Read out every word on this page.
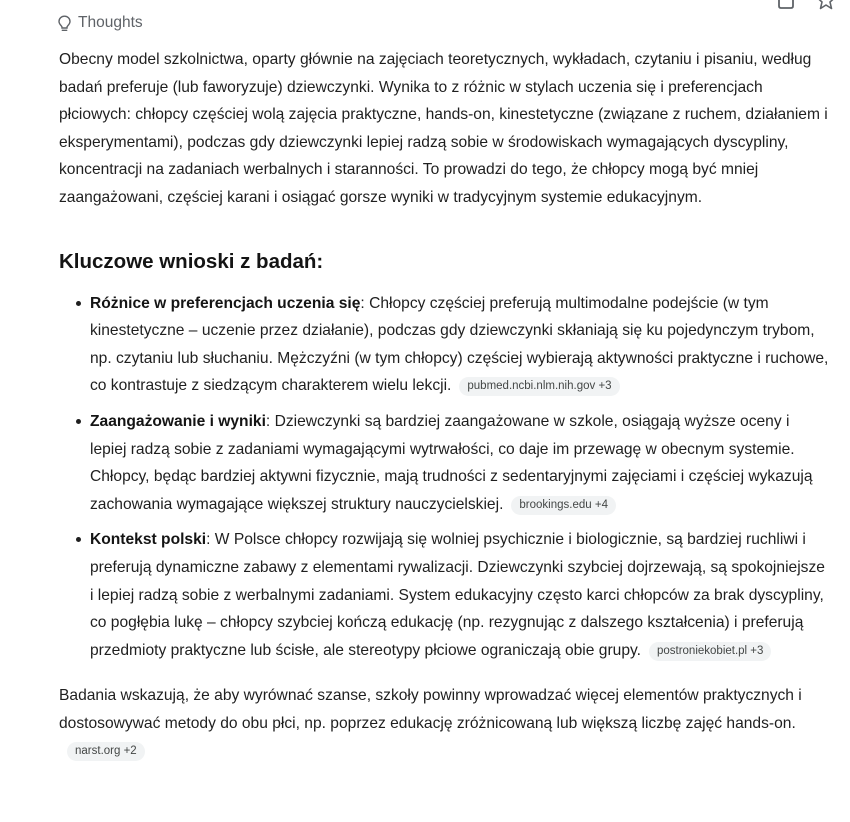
Thoughts

Obecny model szkolnictwa, oparty głównie na zajęciach teoretycznych, wykładach, czytaniu i pisaniu, według badań preferuje (lub faworyzuje) dziewczynki. Wynika to z różnic w stylach uczenia się i preferencjach płciowych: chłopcy częściej wolą zajęcia praktyczne, hands-on, kinestetyczne (związane z ruchem, działaniem i eksperymentami), podczas gdy dziewczynki lepiej radzą sobie w środowiskach wymagających dyscypliny, koncentracji na zadaniach werbalnych i staranności. To prowadzi do tego, że chłopcy mogą być mniej zaangażowani, częściej karani i osiągać gorsze wyniki w tradycyjnym systemie edukacyjnym.

Kluczowe wnioski z badań:
Różnice w preferencjach uczenia się: Chłopcy częściej preferują multimodalne podejście (w tym kinestetyczne – uczenie przez działanie), podczas gdy dziewczynki skłaniają się ku pojedynczym trybom, np. czytaniu lub słuchaniu. Mężczyźni (w tym chłopcy) częściej wybierają aktywności praktyczne i ruchowe, co kontrastuje z siedzącym charakterem wielu lekcji. pubmed.ncbi.nlm.nih.gov +3
Zaangażowanie i wyniki: Dziewczynki są bardziej zaangażowane w szkole, osiągają wyższe oceny i lepiej radzą sobie z zadaniami wymagającymi wytrwałości, co daje im przewagę w obecnym systemie. Chłopcy, będąc bardziej aktywni fizycznie, mają trudności z sedentaryjnymi zajęciami i częściej wykazują zachowania wymagające większej struktury nauczycielskiej. brookings.edu +4
Kontekst polski: W Polsce chłopcy rozwijają się wolniej psychicznie i biologicznie, są bardziej ruchliwi i preferują dynamiczne zabawy z elementami rywalizacji. Dziewczynki szybciej dojrzewają, są spokojniejsze i lepiej radzą sobie z werbalnymi zadaniami. System edukacyjny często karci chłopców za brak dyscypliny, co pogłębia lukę – chłopcy szybciej kończą edukację (np. rezygnując z dalszego kształcenia) i preferują przedmioty praktyczne lub ścisłe, ale stereotypy płciowe ograniczają obie grupy. postroniekobiet.pl +3

Badania wskazują, że aby wyrównać szanse, szkoły powinny wprowadzać więcej elementów praktycznych i dostosowywać metody do obu płci, np. poprzez edukację zróżnicowaną lub większą liczbę zajęć hands-on.narst.org +2
